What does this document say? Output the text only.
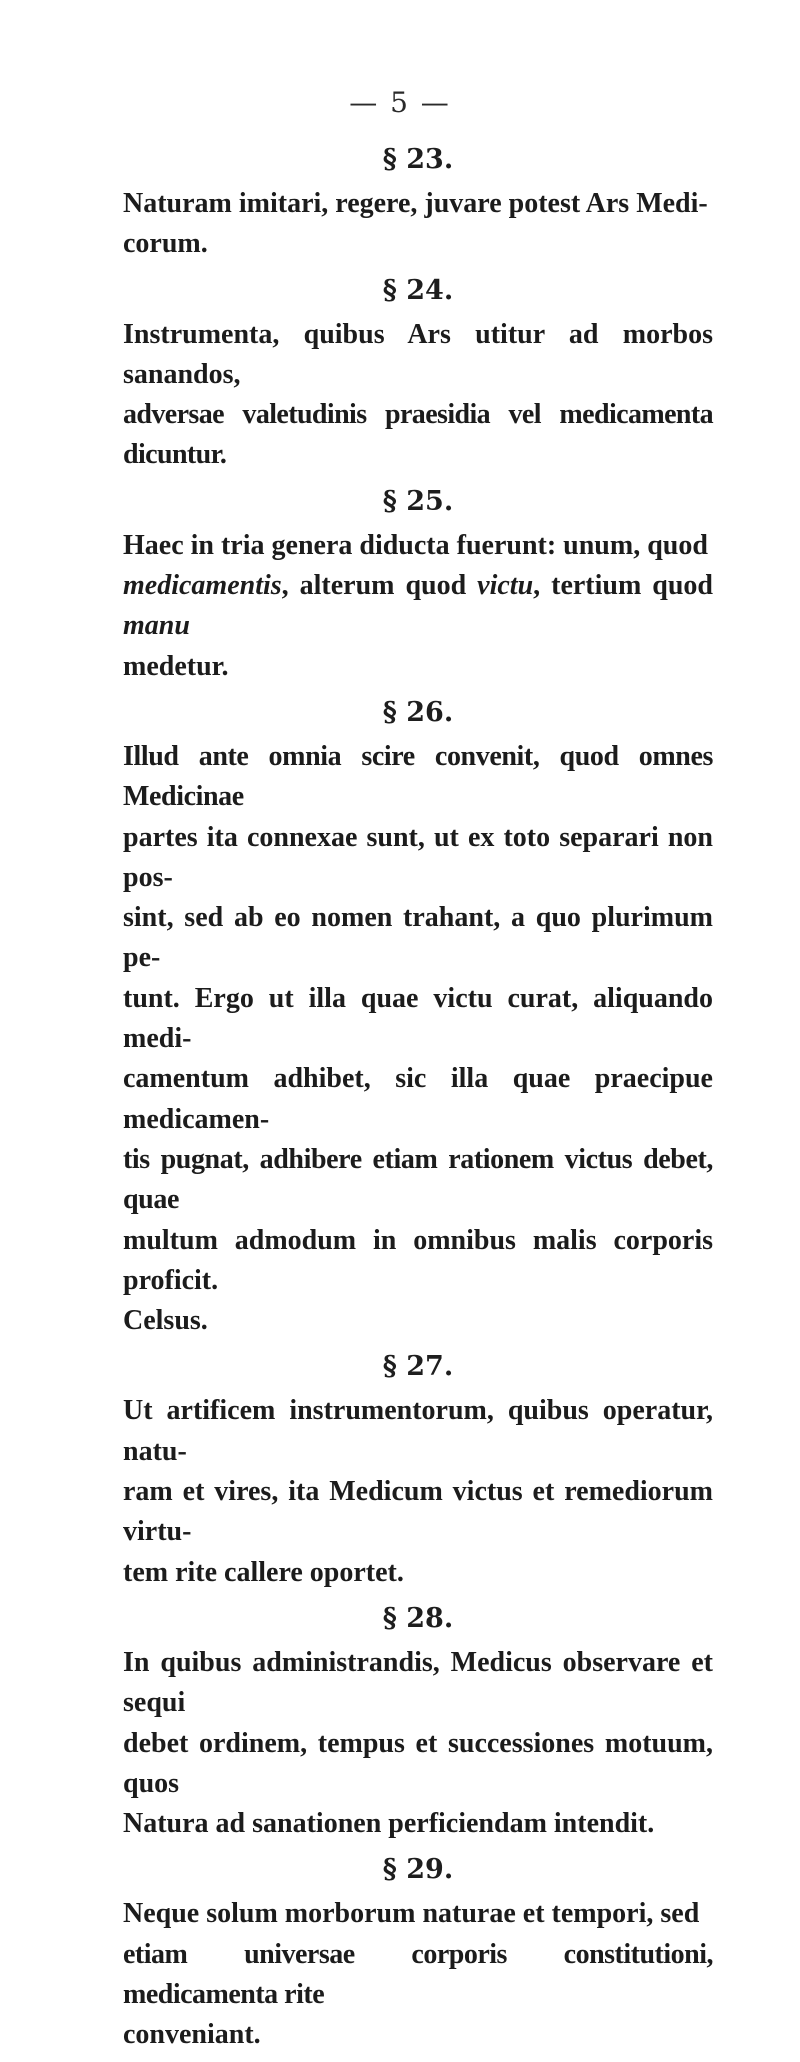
— 5 —
§ 23.

Naturam imitari, regere, juvare potest Ars Medi-
corum.

§ 24.

Instrumenta, quibus Ars utitur ad morbos sanandos,
adversae valetudinis praesidia vel medicamenta dicuntur.

§ 25.

Haec in tria genera diducta fuerunt: unum, quod
medicamentis, alterum quod victu, tertium quod manu
medetur.

§ 26.

Illud ante omnia scire convenit, quod omnes Medicinae
partes ita connexae sunt, ut ex toto separari non pos-
sint, sed ab eo nomen trahant, a quo plurimum pe-
tunt. Ergo ut illa quae victu curat, aliquando medi-
camentum adhibet, sic illa quae praecipue medicamen-
tis pugnat, adhibere etiam rationem victus debet, quae
multum admodum in omnibus malis corporis proficit.
Celsus.

§ 27.

Ut artificem instrumentorum, quibus operatur, natu-
ram et vires, ita Medicum victus et remediorum virtu-
tem rite callere oportet.

§ 28.

In quibus administrandis, Medicus observare et sequi
debet ordinem, tempus et successiones motuum, quos
Natura ad sanationen perficiendam intendit.

§ 29.

Neque solum morborum naturae et tempori, sed
etiam universae corporis constitutioni, medicamenta rite
conveniant.
